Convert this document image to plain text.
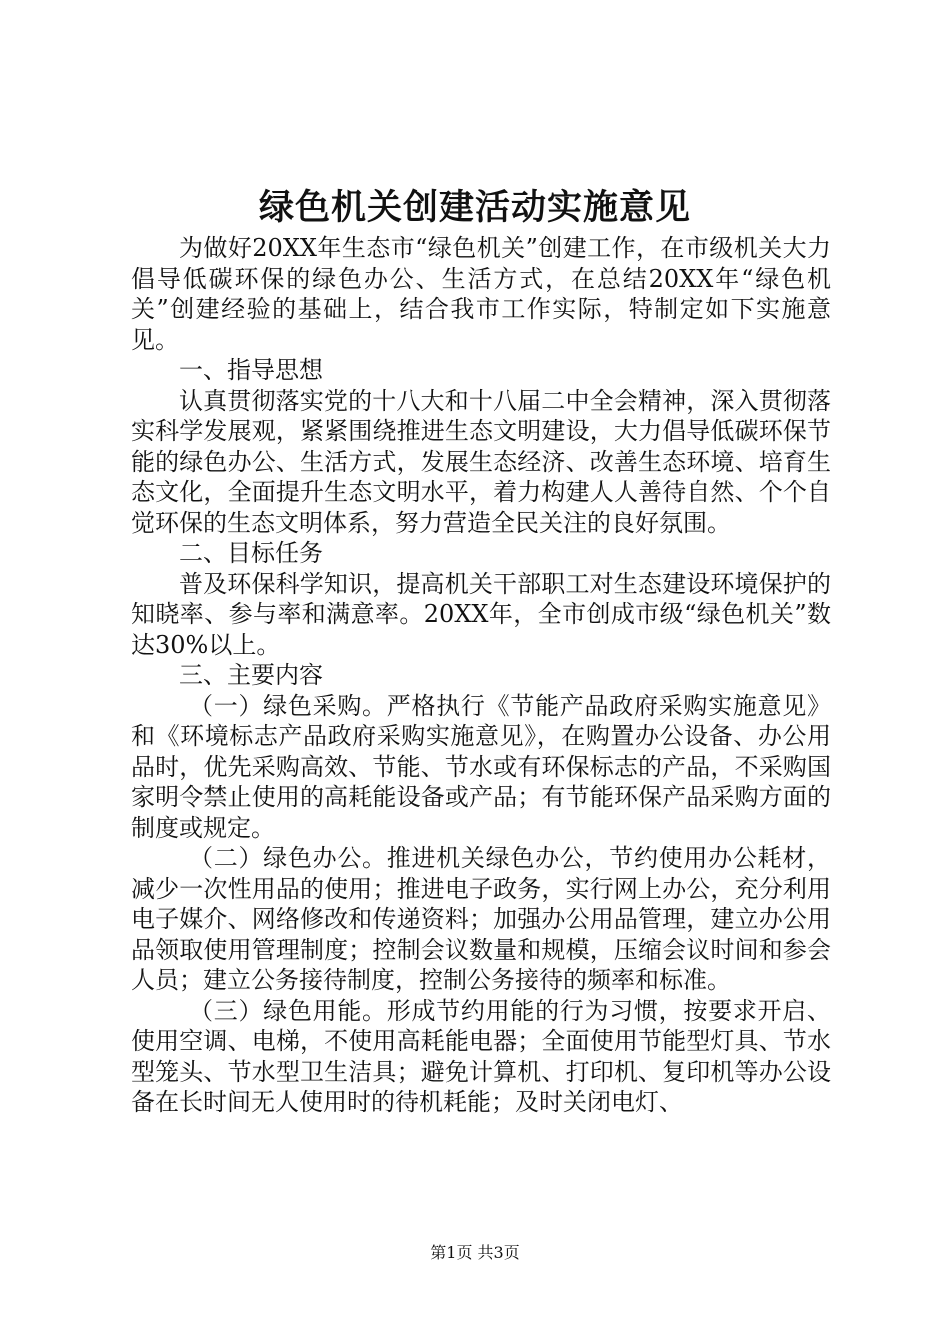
绿色机关创建活动实施意见

为做好20XX年生态市“绿色机关”创建工作，在市级机关大力倡导低碳环保的绿色办公、生活方式，在总结20XX年“绿色机关”创建经验的基础上，结合我市工作实际，特制定如下实施意见。

一、指导思想

认真贯彻落实党的十八大和十八届二中全会精神，深入贯彻落实科学发展观，紧紧围绕推进生态文明建设，大力倡导低碳环保节能的绿色办公、生活方式，发展生态经济、改善生态环境、培育生态文化，全面提升生态文明水平，着力构建人人善待自然、个个自觉环保的生态文明体系，努力营造全民关注的良好氛围。

二、目标任务

普及环保科学知识，提高机关干部职工对生态建设环境保护的知晓率、参与率和满意率。20XX年，全市创成市级“绿色机关”数达30%以上。

三、主要内容

（一）绿色采购。严格执行《节能产品政府采购实施意见》和《环境标志产品政府采购实施意见》，在购置办公设备、办公用品时，优先采购高效、节能、节水或有环保标志的产品，不采购国家明令禁止使用的高耗能设备或产品；有节能环保产品采购方面的制度或规定。

（二）绿色办公。推进机关绿色办公，节约使用办公耗材，减少一次性用品的使用；推进电子政务，实行网上办公，充分利用电子媒介、网络修改和传递资料；加强办公用品管理，建立办公用品领取使用管理制度；控制会议数量和规模，压缩会议时间和参会人员；建立公务接待制度，控制公务接待的频率和标准。

（三）绿色用能。形成节约用能的行为习惯，按要求开启、使用空调、电梯，不使用高耗能电器；全面使用节能型灯具、节水型笼头、节水型卫生洁具；避免计算机、打印机、复印机等办公设备在长时间无人使用时的待机耗能；及时关闭电灯、

第1页 共3页
